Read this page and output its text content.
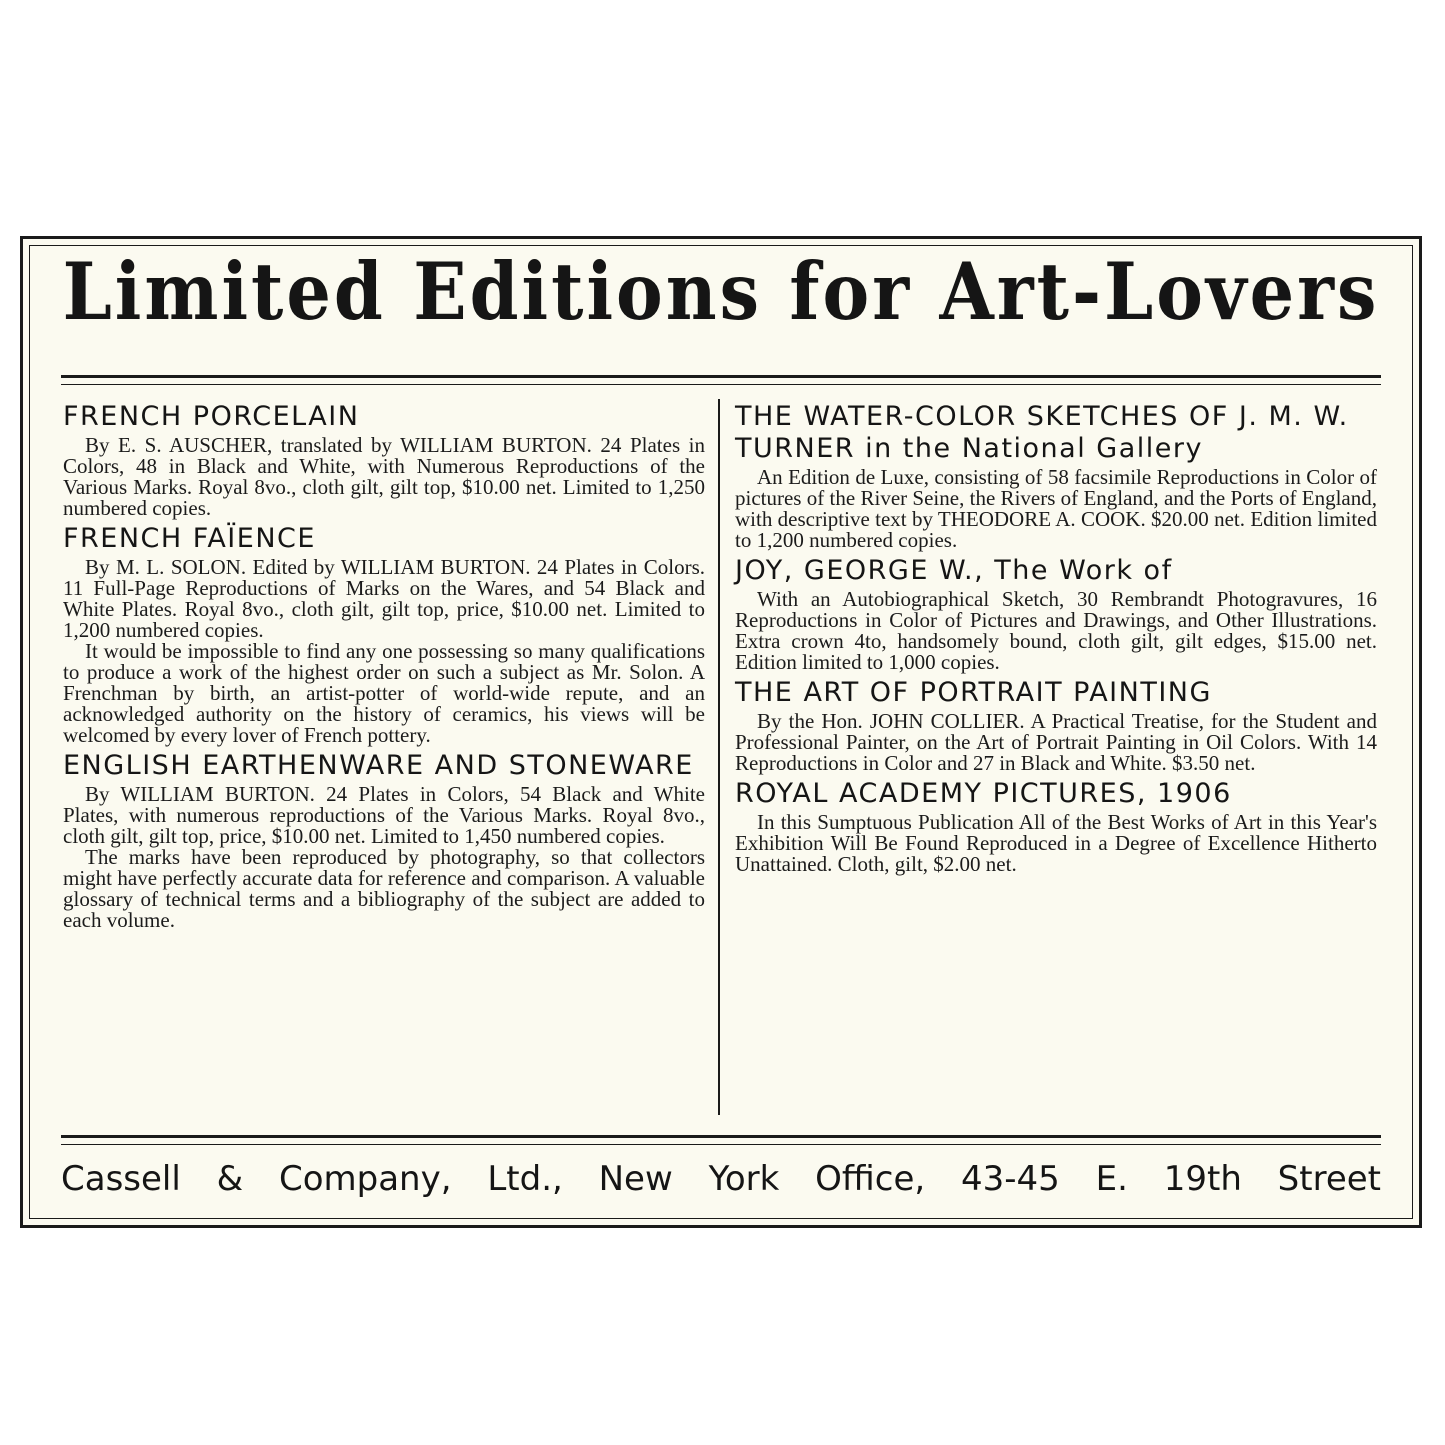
Limited Editions for Art-Lovers

FRENCH PORCELAIN

By E. S. AUSCHER, translated by WILLIAM BURTON. 24 Plates in Colors, 48 in Black and White, with Numerous Reproductions of the Various Marks. Royal 8vo., cloth gilt, gilt top, $10.00 net. Limited to 1,250 numbered copies.

FRENCH FAÏENCE

By M. L. SOLON. Edited by WILLIAM BURTON. 24 Plates in Colors. 11 Full-Page Reproductions of Marks on the Wares, and 54 Black and White Plates. Royal 8vo., cloth gilt, gilt top, price, $10.00 net. Limited to 1,200 numbered copies.

It would be impossible to find any one possessing so many qualifications to produce a work of the highest order on such a subject as Mr. Solon. A Frenchman by birth, an artist-potter of world-wide repute, and an acknowledged authority on the history of ceramics, his views will be welcomed by every lover of French pottery.

ENGLISH EARTHENWARE AND STONEWARE

By WILLIAM BURTON. 24 Plates in Colors, 54 Black and White Plates, with numerous reproductions of the Various Marks. Royal 8vo., cloth gilt, gilt top, price, $10.00 net. Limited to 1,450 numbered copies.

The marks have been reproduced by photography, so that collectors might have perfectly accurate data for reference and comparison. A valuable glossary of technical terms and a bibliography of the subject are added to each volume.

THE WATER-COLOR SKETCHES OF J. M. W. TURNER in the National Gallery

An Edition de Luxe, consisting of 58 facsimile Reproductions in Color of pictures of the River Seine, the Rivers of England, and the Ports of England, with descriptive text by THEODORE A. COOK. $20.00 net. Edition limited to 1,200 numbered copies.

JOY, GEORGE W., The Work of

With an Autobiographical Sketch, 30 Rembrandt Photogravures, 16 Reproductions in Color of Pictures and Drawings, and Other Illustrations. Extra crown 4to, handsomely bound, cloth gilt, gilt edges, $15.00 net. Edition limited to 1,000 copies.

THE ART OF PORTRAIT PAINTING

By the Hon. JOHN COLLIER. A Practical Treatise, for the Student and Professional Painter, on the Art of Portrait Painting in Oil Colors. With 14 Reproductions in Color and 27 in Black and White. $3.50 net.

ROYAL ACADEMY PICTURES, 1906

In this Sumptuous Publication All of the Best Works of Art in this Year's Exhibition Will Be Found Reproduced in a Degree of Excellence Hitherto Unattained. Cloth, gilt, $2.00 net.

Cassell & Company, Ltd., New York Office, 43-45 E. 19th Street
